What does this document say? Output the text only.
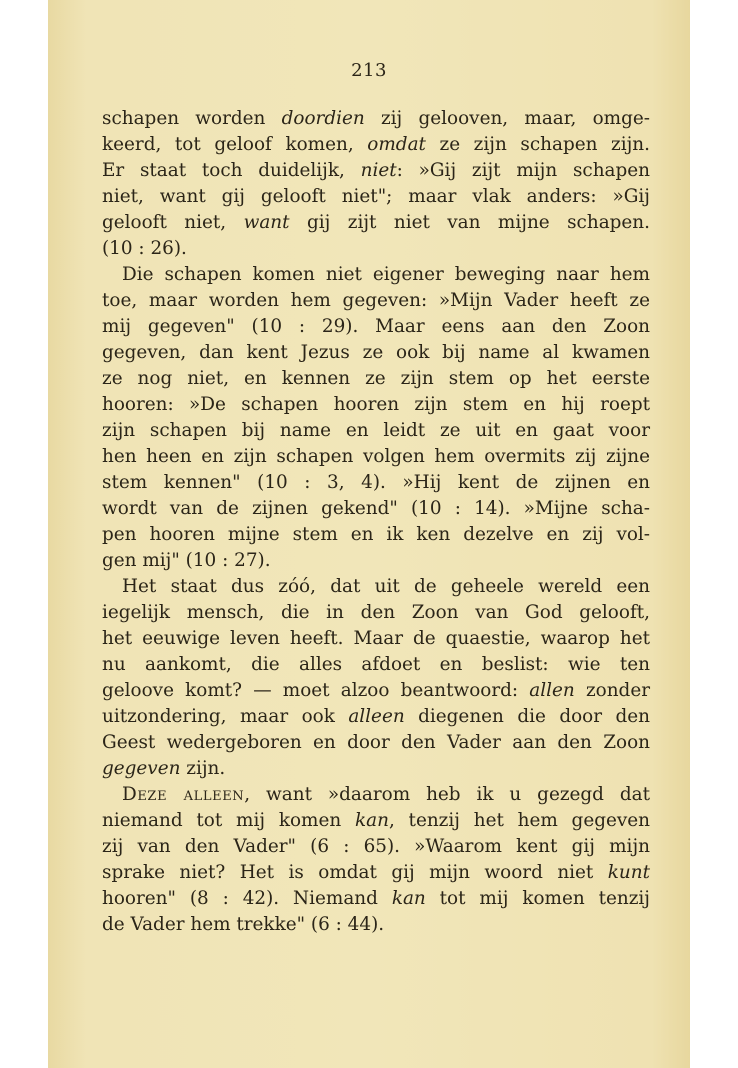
213
schapen worden doordien zij gelooven, maar, omge-
keerd, tot geloof komen, omdat ze zijn schapen zijn.
Er staat toch duidelijk, niet: »Gij zijt mijn schapen
niet, want gij gelooft niet"; maar vlak anders: »Gij
gelooft niet, want gij zijt niet van mijne schapen.
(10 : 26).
Die schapen komen niet eigener beweging naar hem
toe, maar worden hem gegeven: »Mijn Vader heeft ze
mij gegeven" (10 : 29). Maar eens aan den Zoon
gegeven, dan kent Jezus ze ook bij name al kwamen
ze nog niet, en kennen ze zijn stem op het eerste
hooren: »De schapen hooren zijn stem en hij roept
zijn schapen bij name en leidt ze uit en gaat voor
hen heen en zijn schapen volgen hem overmits zij zijne
stem kennen" (10 : 3, 4). »Hij kent de zijnen en
wordt van de zijnen gekend" (10 : 14). »Mijne scha-
pen hooren mijne stem en ik ken dezelve en zij vol-
gen mij" (10 : 27).
Het staat dus zóó, dat uit de geheele wereld een
iegelijk mensch, die in den Zoon van God gelooft,
het eeuwige leven heeft. Maar de quaestie, waarop het
nu aankomt, die alles afdoet en beslist: wie ten
geloove komt? — moet alzoo beantwoord: allen zonder
uitzondering, maar ook alleen diegenen die door den
Geest wedergeboren en door den Vader aan den Zoon
gegeven zijn.
Deze alleen, want »daarom heb ik u gezegd dat
niemand tot mij komen kan, tenzij het hem gegeven
zij van den Vader" (6 : 65). »Waarom kent gij mijn
sprake niet? Het is omdat gij mijn woord niet kunt
hooren" (8 : 42). Niemand kan tot mij komen tenzij
de Vader hem trekke" (6 : 44).
